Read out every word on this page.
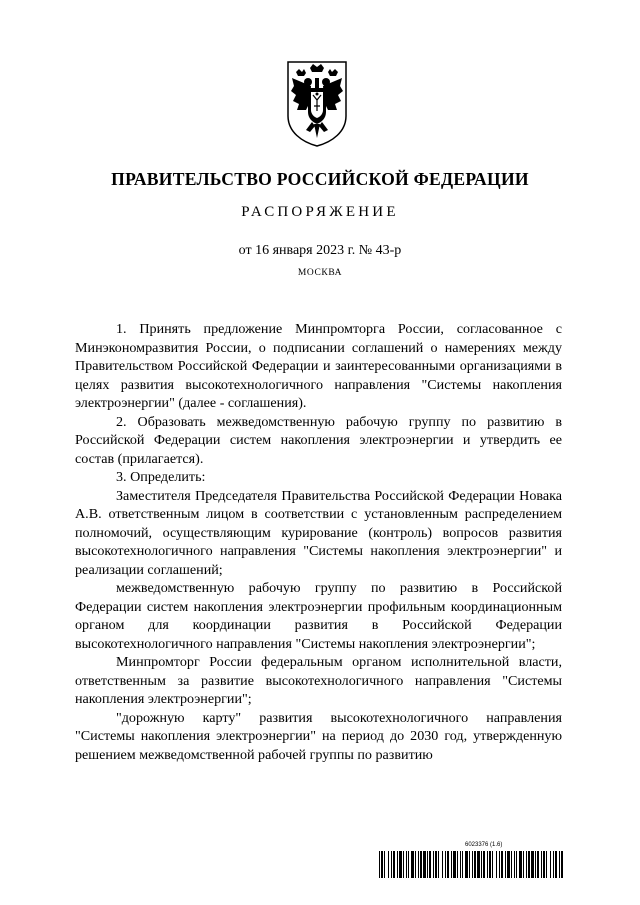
ПРАВИТЕЛЬСТВО РОССИЙСКОЙ ФЕДЕРАЦИИ
РАСПОРЯЖЕНИЕ
от 16 января 2023 г. № 43-р
МОСКВА

1. Принять предложение Минпромторга России, согласованное с Минэкономразвития России, о подписании соглашений о намерениях между Правительством Российской Федерации и заинтересованными организациями в целях развития высокотехнологичного направления "Системы накопления электроэнергии" (далее - соглашения).

2. Образовать межведомственную рабочую группу по развитию в Российской Федерации систем накопления электроэнергии и утвердить ее состав (прилагается).

3. Определить:

Заместителя Председателя Правительства Российской Федерации Новака А.В. ответственным лицом в соответствии с установленным распределением полномочий, осуществляющим курирование (контроль) вопросов развития высокотехнологичного направления "Системы накопления электроэнергии" и реализации соглашений;

межведомственную рабочую группу по развитию в Российской Федерации систем накопления электроэнергии профильным координационным органом для координации развития в Российской Федерации высокотехнологичного направления "Системы накопления электроэнергии";

Минпромторг России федеральным органом исполнительной власти, ответственным за развитие высокотехнологичного направления "Системы накопления электроэнергии";

"дорожную карту" развития высокотехнологичного направления "Системы накопления электроэнергии" на период до 2030 год, утвержденную решением межведомственной рабочей группы по развитию

6023376 (1.6)
